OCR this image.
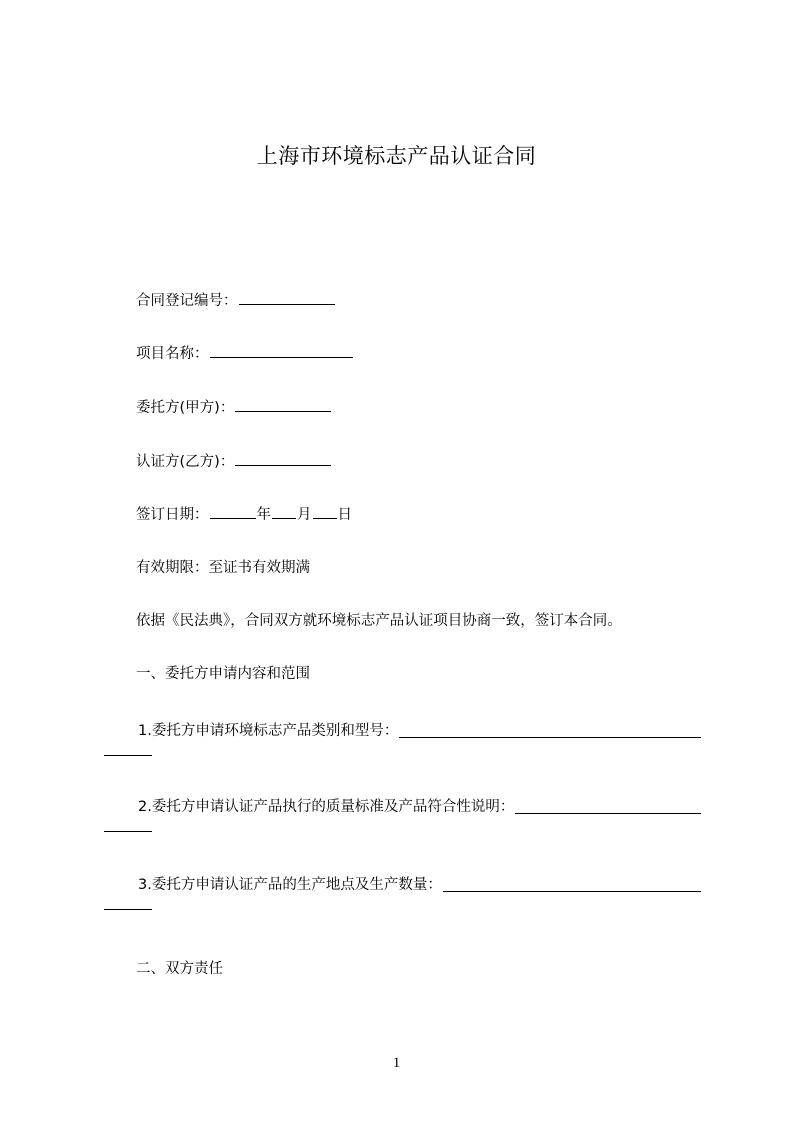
上海市环境标志产品认证合同
合同登记编号：
项目名称：
委托方(甲方)：
认证方(乙方)：
签订日期：	年 月 日
有效期限：至证书有效期满
依据《民法典》，合同双方就环境标志产品认证项目协商一致，签订本合同。
一、委托方申请内容和范围
1.委托方申请环境标志产品类别和型号：
2.委托方申请认证产品执行的质量标准及产品符合性说明：
3.委托方申请认证产品的生产地点及生产数量：
二、双方责任
1
